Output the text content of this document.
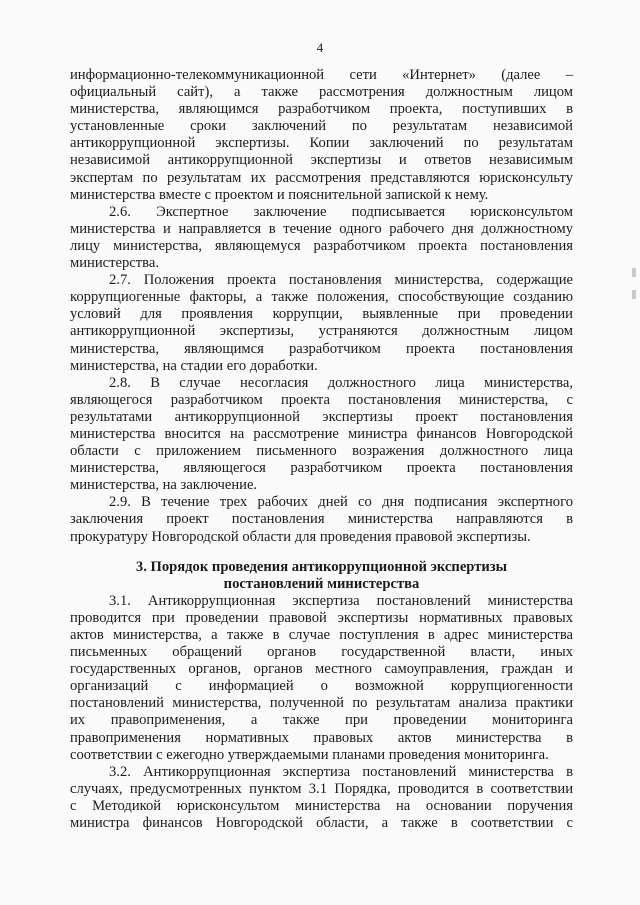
4
информационно-телекоммуникационной сети «Интернет» (далее –
официальный сайт), а также рассмотрения должностным лицом
министерства, являющимся разработчиком проекта, поступивших в
установленные сроки заключений по результатам независимой
антикоррупционной экспертизы. Копии заключений по результатам
независимой антикоррупционной экспертизы и ответов независимым
экспертам по результатам их рассмотрения представляются юрисконсульту
министерства вместе с проектом и пояснительной запиской к нему.
2.6. Экспертное заключение подписывается юрисконсультом
министерства и направляется в течение одного рабочего дня должностному
лицу министерства, являющемуся разработчиком проекта постановления
министерства.
2.7. Положения проекта постановления министерства, содержащие
коррупциогенные факторы, а также положения, способствующие созданию
условий для проявления коррупции, выявленные при проведении
антикоррупционной экспертизы, устраняются должностным лицом
министерства, являющимся разработчиком проекта постановления
министерства, на стадии его доработки.
2.8. В случае несогласия должностного лица министерства,
являющегося разработчиком проекта постановления министерства, с
результатами антикоррупционной экспертизы проект постановления
министерства вносится на рассмотрение министра финансов Новгородской
области с приложением письменного возражения должностного лица
министерства, являющегося разработчиком проекта постановления
министерства, на заключение.
2.9. В течение трех рабочих дней со дня подписания экспертного
заключения проект постановления министерства направляются в
прокуратуру Новгородской области для проведения правовой экспертизы.
3. Порядок проведения антикоррупционной экспертизы
постановлений министерства
3.1. Антикоррупционная экспертиза постановлений министерства
проводится при проведении правовой экспертизы нормативных правовых
актов министерства, а также в случае поступления в адрес министерства
письменных обращений органов государственной власти, иных
государственных органов, органов местного самоуправления, граждан и
организаций с информацией о возможной коррупциогенности
постановлений министерства, полученной по результатам анализа практики
их правоприменения, а также при проведении мониторинга
правоприменения нормативных правовых актов министерства в
соответствии с ежегодно утверждаемыми планами проведения мониторинга.
3.2. Антикоррупционная экспертиза постановлений министерства в
случаях, предусмотренных пунктом 3.1 Порядка, проводится в соответствии
с Методикой юрисконсультом министерства на основании поручения
министра финансов Новгородской области, а также в соответствии с
